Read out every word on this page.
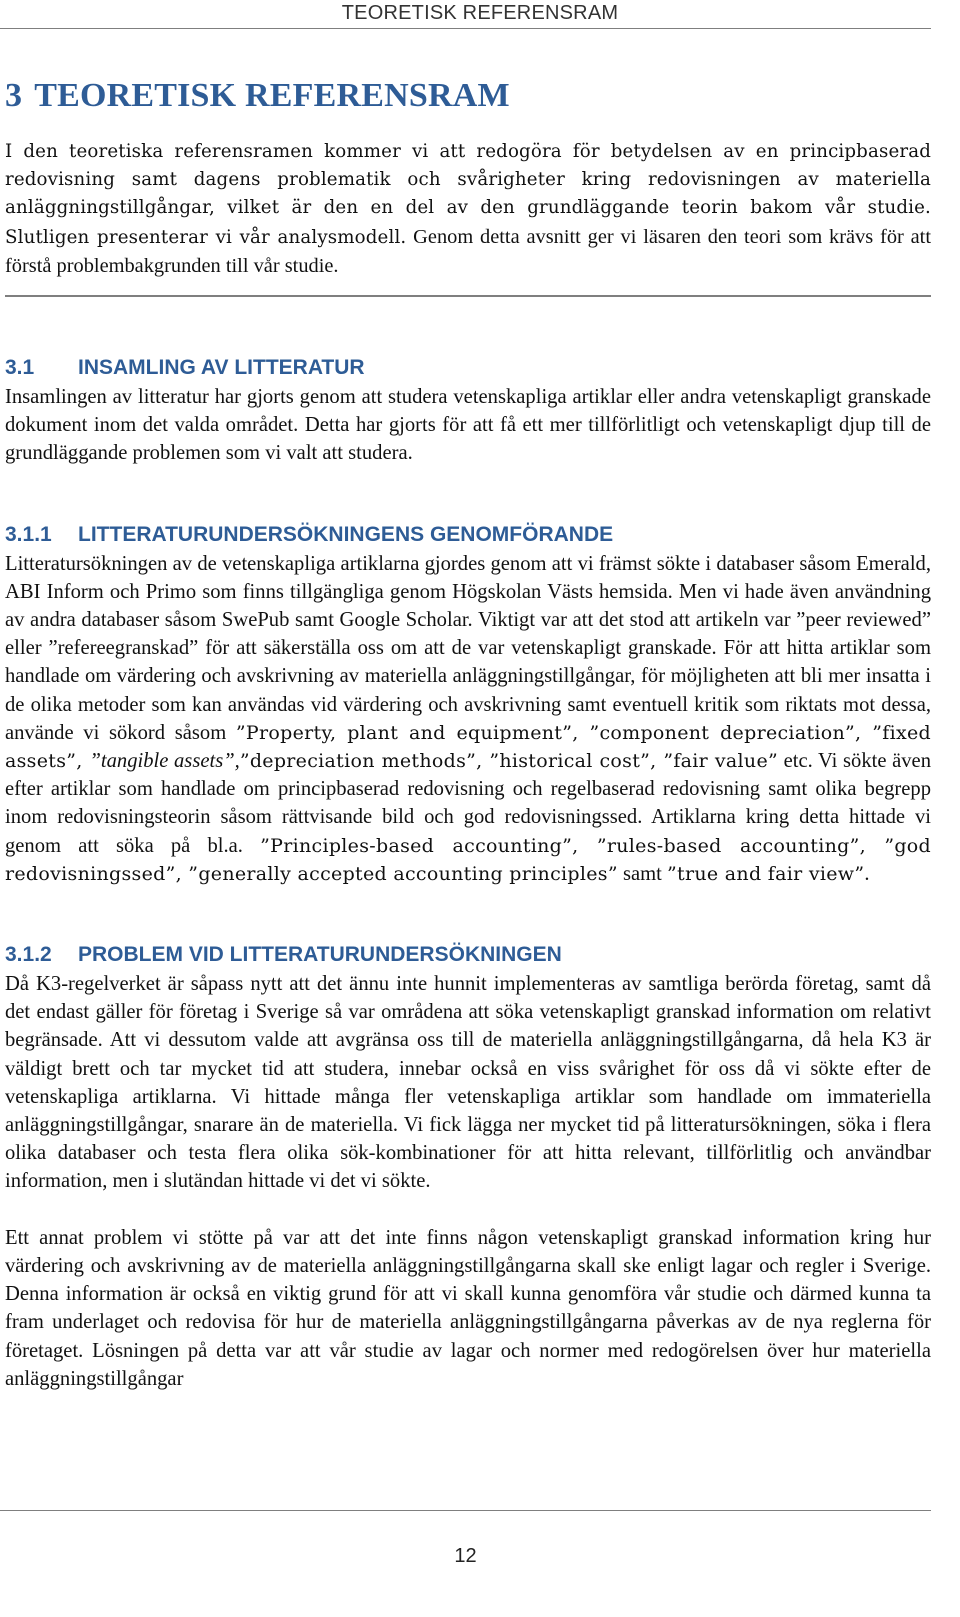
TEORETISK REFERENSRAM
3 TEORETISK REFERENSRAM

I den teoretiska referensramen kommer vi att redogöra för betydelsen av en principbaserad redovisning samt dagens problematik och svårigheter kring redovisningen av materiella anläggningstillgångar, vilket är den en del av den grundläggande teorin bakom vår studie. Slutligen presenterar vi vår analysmodell. Genom detta avsnitt ger vi läsaren den teori som krävs för att förstå problembakgrunden till vår studie.

3.1 INSAMLING AV LITTERATUR

Insamlingen av litteratur har gjorts genom att studera vetenskapliga artiklar eller andra vetenskapligt granskade dokument inom det valda området. Detta har gjorts för att få ett mer tillförlitligt och vetenskapligt djup till de grundläggande problemen som vi valt att studera.

3.1.1 LITTERATURUNDERSÖKNINGENS GENOMFÖRANDE

Litteratursökningen av de vetenskapliga artiklarna gjordes genom att vi främst sökte i databaser såsom Emerald, ABI Inform och Primo som finns tillgängliga genom Högskolan Västs hemsida. Men vi hade även användning av andra databaser såsom SwePub samt Google Scholar. Viktigt var att det stod att artikeln var ”peer reviewed” eller ”refereegranskad” för att säkerställa oss om att de var vetenskapligt granskade. För att hitta artiklar som handlade om värdering och avskrivning av materiella anläggningstillgångar, för möjligheten att bli mer insatta i de olika metoder som kan användas vid värdering och avskrivning samt eventuell kritik som riktats mot dessa, använde vi sökord såsom ”Property, plant and equipment”, ”component depreciation”, ”fixed assets”, ”tangible assets”,”depreciation methods”, ”historical cost”, ”fair value” etc. Vi sökte även efter artiklar som handlade om principbaserad redovisning och regelbaserad redovisning samt olika begrepp inom redovisningsteorin såsom rättvisande bild och god redovisningssed. Artiklarna kring detta hittade vi genom att söka på bl.a. ”Principles-based accounting”, ”rules-based accounting”, ”god redovisningssed”, ”generally accepted accounting principles” samt ”true and fair view”.

3.1.2 PROBLEM VID LITTERATURUNDERSÖKNINGEN

Då K3-regelverket är såpass nytt att det ännu inte hunnit implementeras av samtliga berörda företag, samt då det endast gäller för företag i Sverige så var områdena att söka vetenskapligt granskad information om relativt begränsade. Att vi dessutom valde att avgränsa oss till de materiella anläggningstillgångarna, då hela K3 är väldigt brett och tar mycket tid att studera, innebar också en viss svårighet för oss då vi sökte efter de vetenskapliga artiklarna. Vi hittade många fler vetenskapliga artiklar som handlade om immateriella anläggningstillgångar, snarare än de materiella. Vi fick lägga ner mycket tid på litteratursökningen, söka i flera olika databaser och testa flera olika sök-kombinationer för att hitta relevant, tillförlitlig och användbar information, men i slutändan hittade vi det vi sökte.

Ett annat problem vi stötte på var att det inte finns någon vetenskapligt granskad information kring hur värdering och avskrivning av de materiella anläggningstillgångarna skall ske enligt lagar och regler i Sverige. Denna information är också en viktig grund för att vi skall kunna genomföra vår studie och därmed kunna ta fram underlaget och redovisa för hur de materiella anläggningstillgångarna påverkas av de nya reglerna för företaget. Lösningen på detta var att vår studie av lagar och normer med redogörelsen över hur materiella anläggningstillgångar

12
